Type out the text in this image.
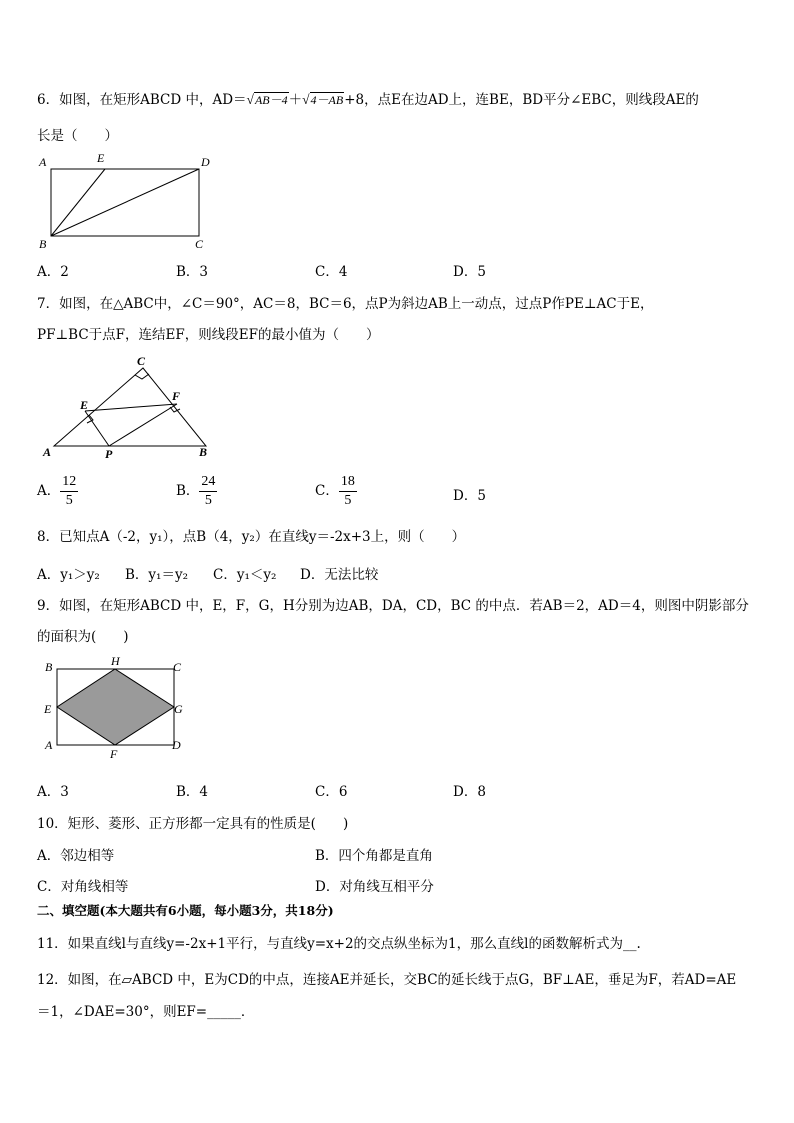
6．如图，在矩形ABCD 中，AD＝√AB－4＋√4－AB+8，点E在边AD上，连BE，BD平分∠EBC，则线段AE的
长是（　　）
A	E	D
B	C
A．2	B．3	C．4	D．5
7．如图，在△ABC中，∠C＝90°，AC＝8，BC＝6，点P为斜边AB上一动点，过点P作PE⊥AC于E，
PF⊥BC于点F，连结EF，则线段EF的最小值为（　　）
C
E
F
A	P	B
A． $\frac{12}{5}$	B． $\frac{24}{5}$	C． $\frac{18}{5}$	D．5
8．已知点A（-2，y₁），点B（4，y₂）在直线y＝-2x+3上，则（　　）
A．y₁＞y₂ B．y₁＝y₂ C．y₁＜y₂ D．无法比较
9．如图，在矩形ABCD 中，E，F，G，H分别为边AB，DA，CD，BC 的中点．若AB＝2，AD＝4，则图中阴影部分
的面积为(　　)
B	H	C
E	G
A
F
D
A．3	B．4	C．6	D．8
10．矩形、菱形、正方形都一定具有的性质是(　　)
A．邻边相等	B．四个角都是直角
C．对角线相等	D．对角线互相平分
二、填空题(本大题共有6小题，每小题3分，共18分)
11．如果直线l与直线y=-2x+1平行，与直线y=x+2的交点纵坐标为1，那么直线l的函数解析式为__.
12．如图，在▱ABCD 中，E为CD的中点，连接AE并延长，交BC的延长线于点G，BF⊥AE，垂足为F，若AD=AE
＝1，∠DAE=30°，则EF=_____．
